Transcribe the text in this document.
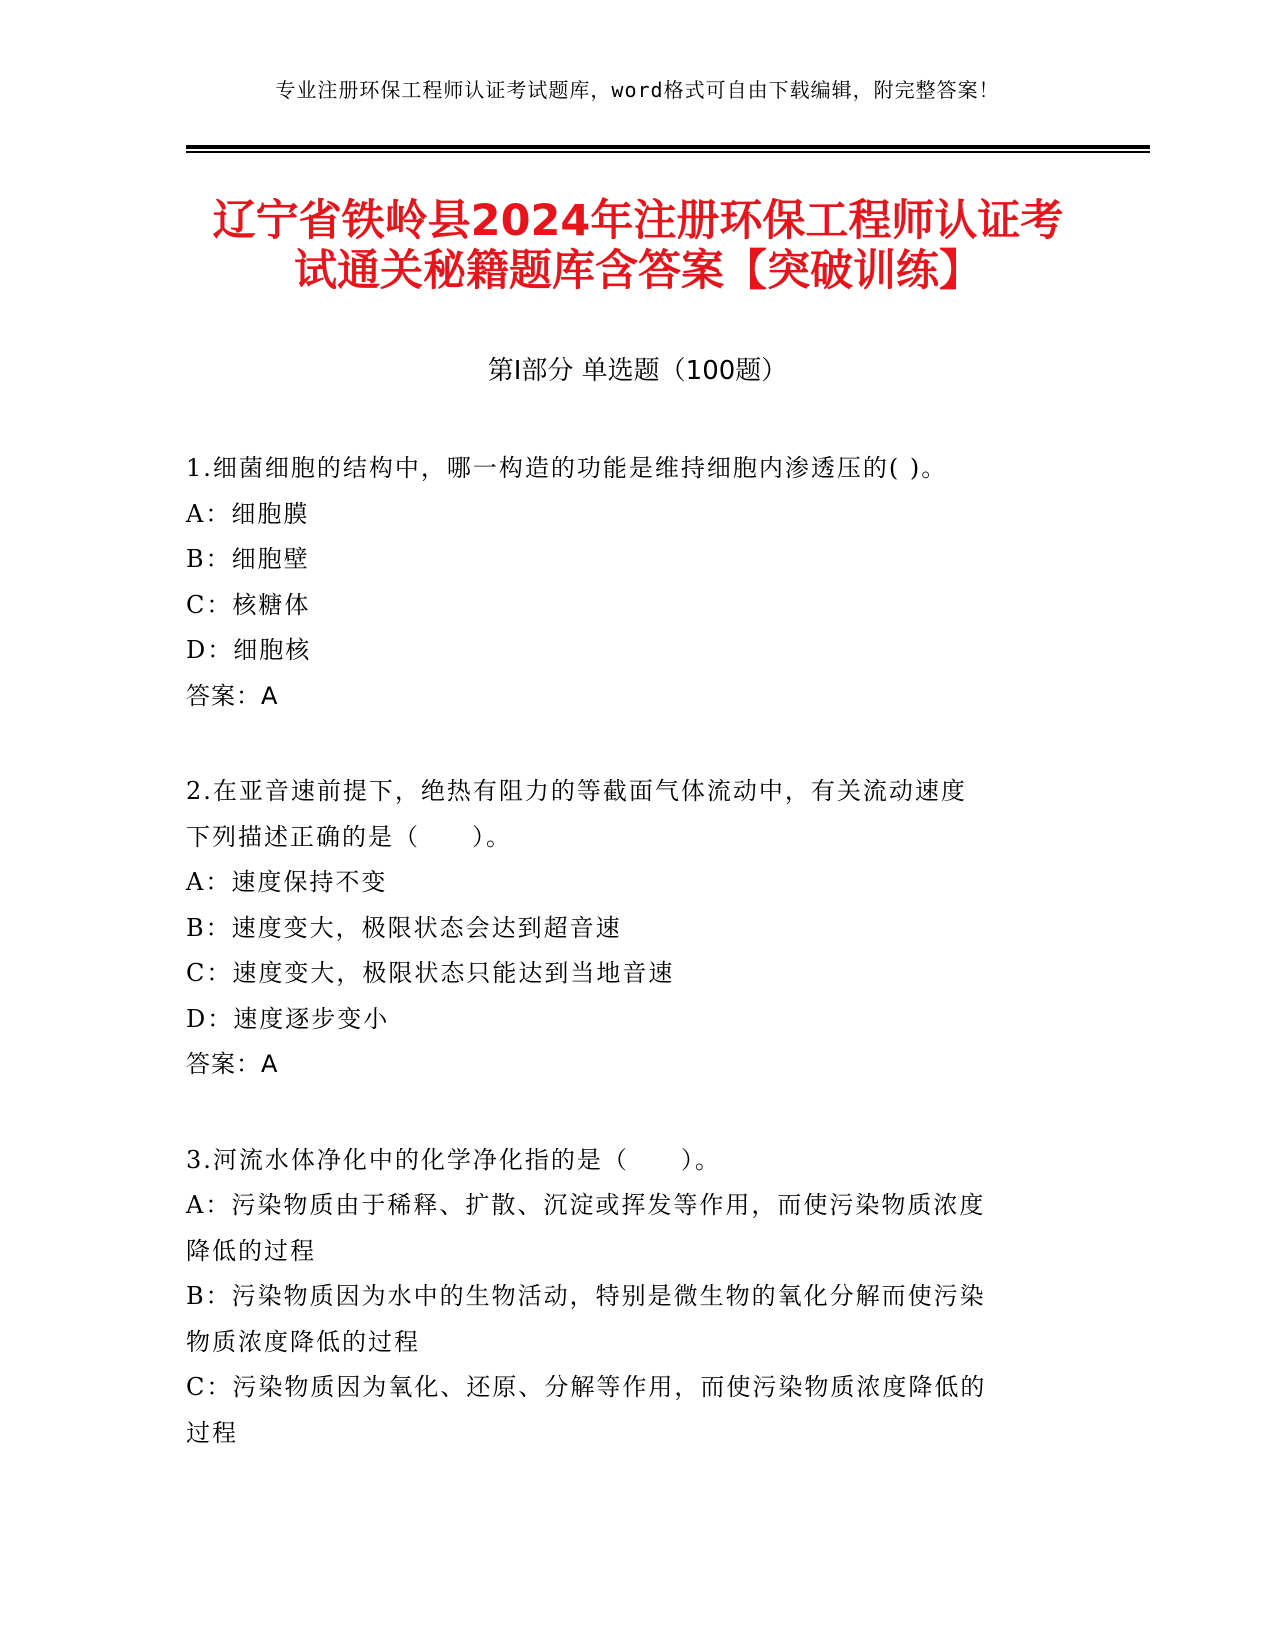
专业注册环保工程师认证考试题库，word格式可自由下载编辑，附完整答案！
辽宁省铁岭县2024年注册环保工程师认证考
试通关秘籍题库含答案【突破训练】
第Ⅰ部分 单选题（100题）

1.细菌细胞的结构中，哪一构造的功能是维持细胞内渗透压的( )。

A：细胞膜

B：细胞壁

C：核糖体

D：细胞核

答案：A

2.在亚音速前提下，绝热有阻力的等截面气体流动中，有关流动速度

下列描述正确的是（　　）。

A：速度保持不变

B：速度变大，极限状态会达到超音速

C：速度变大，极限状态只能达到当地音速

D：速度逐步变小

答案：A

3.河流水体净化中的化学净化指的是（　　）。

A：污染物质由于稀释、扩散、沉淀或挥发等作用，而使污染物质浓度

降低的过程

B：污染物质因为水中的生物活动，特别是微生物的氧化分解而使污染

物质浓度降低的过程

C：污染物质因为氧化、还原、分解等作用，而使污染物质浓度降低的

过程
